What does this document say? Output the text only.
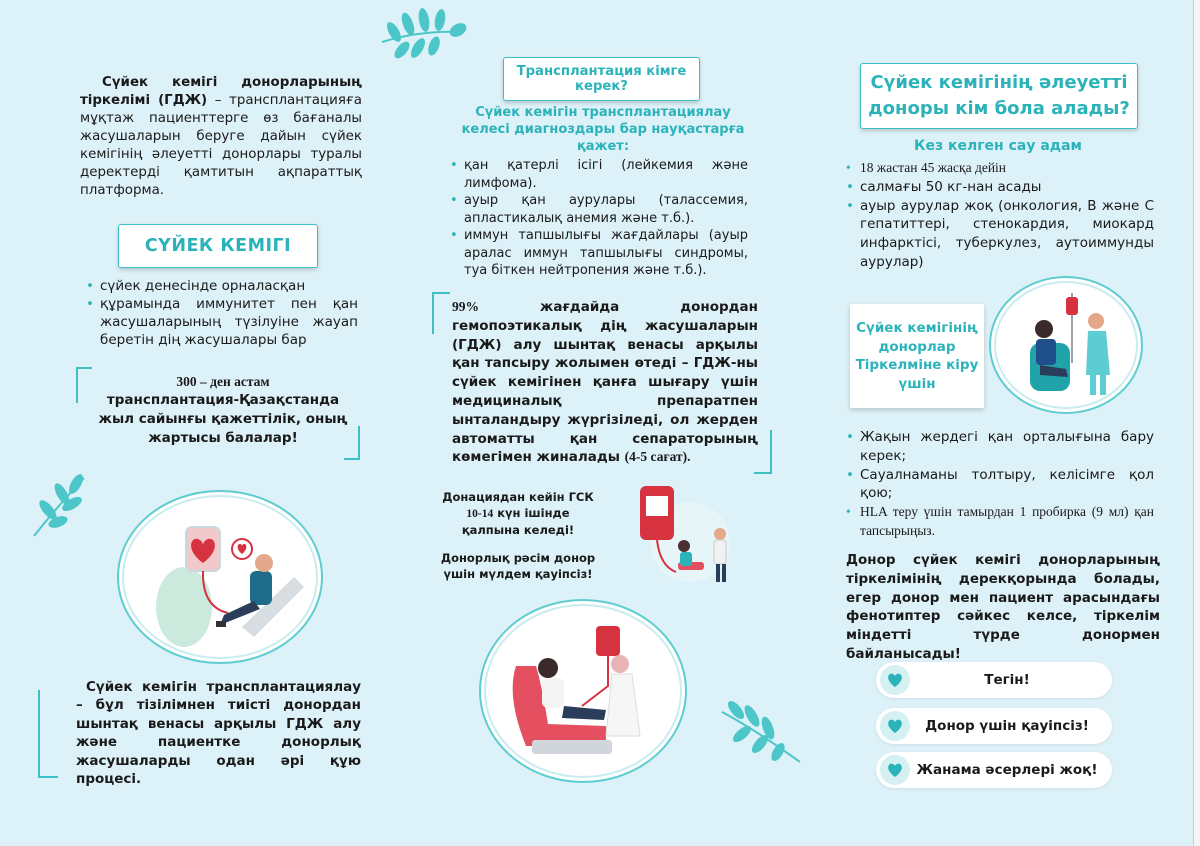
Сүйек кемігі донорларының тіркелімі (ГДЖ) – трансплантацияға мұқтаж пациенттерге өз бағаналы жасушаларын беруге дайын сүйек кемігінің әлеуетті донорлары туралы деректерді қамтитын ақпараттық платформа.
СҮЙЕК КЕМІГІ
• сүйек денесінде орналасқан
• құрамында иммунитет пен қан жасушаларының түзілуіне жауап беретін дің жасушалары бар
300 – ден астам
трансплантация-Қазақстанда жыл сайынғы қажеттілік, оның жартысы балалар!
Сүйек кемігін трансплантациялау – бұл тізілімнен тиісті донордан шынтақ венасы арқылы ГДЖ алу және пациентке донорлық жасушаларды одан әрі құю процесі.
Трансплантация кімге керек?
Сүйек кемігін трансплантациялау келесі диагноздары бар науқастарға қажет:
• қан қатерлі ісігі (лейкемия және лимфома).
• ауыр қан аурулары (талассемия, апластикалық анемия және т.б.).
• иммун тапшылығы жағдайлары (ауыр аралас иммун тапшылығы синдромы, туа біткен нейтропения және т.б.).
99% жағдайда донордан гемопоэтикалық дің жасушаларын (ГДЖ) алу шынтақ венасы арқылы қан тапсыру жолымен өтеді – ГДЖ-ны сүйек кемігінен қанға шығару үшін медициналық препаратпен ынталандыру жүргізіледі, ол жерден автоматты қан сепараторының көмегімен жиналады (4-5 сағат).
Донациядан кейін ГСК 10-14 күн ішінде қалпына келеді!
Донорлық рәсім донор үшін мүлдем қауіпсіз!
Сүйек кемігінің әлеуетті доноры кім бола алады?
Кез келген сау адам
• 18 жастан 45 жасқа дейін
• салмағы 50 кг-нан асады
• ауыр аурулар жоқ (онкология, В және С гепатиттері, стенокардия, миокард инфарктісі, туберкулез, аутоиммунды аурулар)
Сүйек кемігінің донорлар Тіркелміне кіру үшін
• Жақын жердегі қан орталығына бару керек;
• Сауалнаманы толтыру, келісімге қол қою;
• HLA теру үшін тамырдан 1 пробирка (9 мл) қан тапсырыңыз.
Донор сүйек кемігі донорларының тіркелімінің дерекқорында болады, егер донор мен пациент арасындағы фенотиптер сәйкес келсе, тіркелім міндетті түрде донормен байланысады!
Тегін!
Донор үшін қауіпсіз!
Жанама әсерлері жоқ!
